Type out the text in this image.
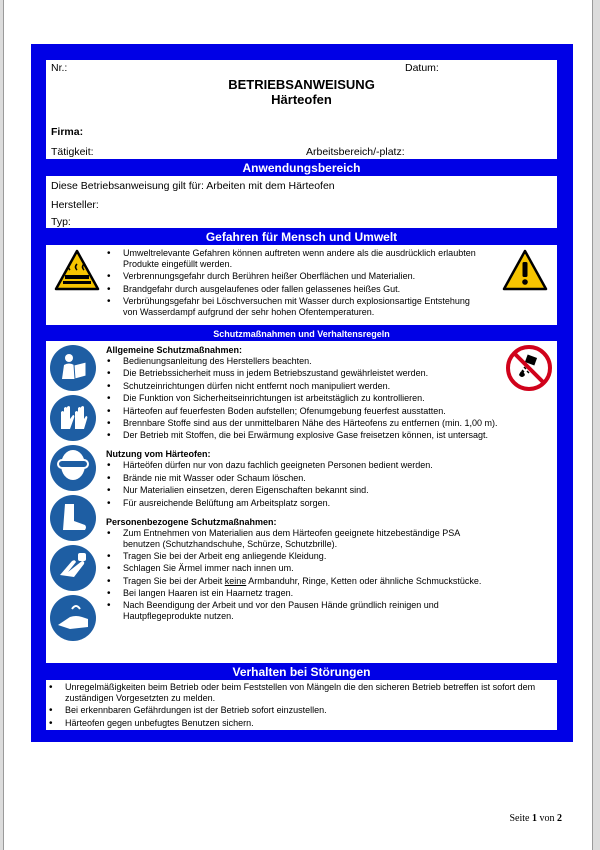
Nr.:	Datum:
BETRIEBSANWEISUNG
Härteofen
Firma:
Tätigkeit:	Arbeitsbereich/-platz:
Anwendungsbereich
Diese Betriebsanweisung gilt für: Arbeiten mit dem Härteofen
Hersteller:
Typ:
Gefahren für Mensch und Umwelt
• Umweltrelevante Gefahren können auftreten wenn andere als die ausdrücklich erlaubten Produkte eingefüllt werden.
• Verbrennungsgefahr durch Berühren heißer Oberflächen und Materialien.
• Brandgefahr durch ausgelaufenes oder fallen gelassenes heißes Gut.
• Verbrühungsgefahr bei Löschversuchen mit Wasser durch explosionsartige Entstehung von Wasserdampf aufgrund der sehr hohen Ofentemperaturen.
Schutzmaßnahmen und Verhaltensregeln
Allgemeine Schutzmaßnahmen:
• Bedienungsanleitung des Herstellers beachten.
• Die Betriebssicherheit muss in jedem Betriebszustand gewährleistet werden.
• Schutzeinrichtungen dürfen nicht entfernt noch manipuliert werden.
• Die Funktion von Sicherheitseinrichtungen ist arbeitstäglich zu kontrollieren.
• Härteofen auf feuerfesten Boden aufstellen; Ofenumgebung feuerfest ausstatten.
• Brennbare Stoffe sind aus der unmittelbaren Nähe des Härteofens zu entfernen (min. 1,00 m).
• Der Betrieb mit Stoffen, die bei Erwärmung explosive Gase freisetzen können, ist untersagt.
Nutzung vom Härteofen:
• Härteöfen dürfen nur von dazu fachlich geeigneten Personen bedient werden.
• Brände nie mit Wasser oder Schaum löschen.
• Nur Materialien einsetzen, deren Eigenschaften bekannt sind.
• Für ausreichende Belüftung am Arbeitsplatz sorgen.
Personenbezogene Schutzmaßnahmen:
• Zum Entnehmen von Materialien aus dem Härteofen geeignete hitzebeständige PSA benutzen (Schutzhandschuhe, Schürze, Schutzbrille).
• Tragen Sie bei der Arbeit eng anliegende Kleidung.
• Schlagen Sie Ärmel immer nach innen um.
• Tragen Sie bei der Arbeit keine Armbanduhr, Ringe, Ketten oder ähnliche Schmuckstücke.
• Bei langen Haaren ist ein Haarnetz tragen.
• Nach Beendigung der Arbeit und vor den Pausen Hände gründlich reinigen und Hautpflegeprodukte nutzen.
Verhalten bei Störungen
• Unregelmäßigkeiten beim Betrieb oder beim Feststellen von Mängeln die den sicheren Betrieb betreffen ist sofort dem zuständigen Vorgesetzten zu melden.
• Bei erkennbaren Gefährdungen ist der Betrieb sofort einzustellen.
• Härteofen gegen unbefugtes Benutzen sichern.
Seite 1 von 2
